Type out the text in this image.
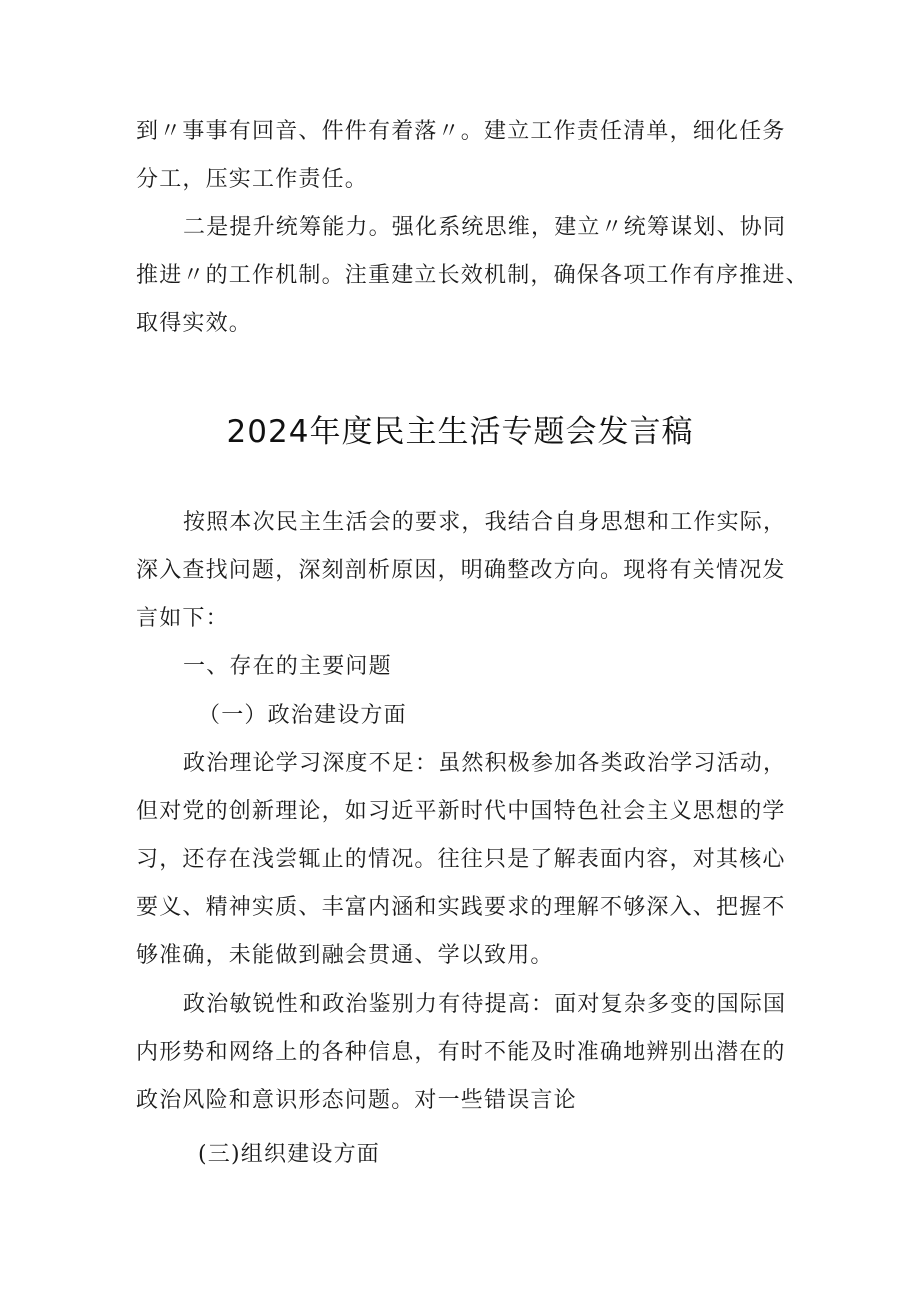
到〃事事有回音、件件有着落〃。建立工作责任清单，细化任务
分工，压实工作责任。
二是提升统筹能力。强化系统思维，建立〃统筹谋划、协同
推进〃的工作机制。注重建立长效机制，确保各项工作有序推进、
取得实效。
2024年度民主生活专题会发言稿
按照本次民主生活会的要求，我结合自身思想和工作实际，
深入查找问题，深刻剖析原因，明确整改方向。现将有关情况发
言如下：
一、存在的主要问题
（一）政治建设方面
政治理论学习深度不足：虽然积极参加各类政治学习活动，
但对党的创新理论，如习近平新时代中国特色社会主义思想的学
习，还存在浅尝辄止的情况。往往只是了解表面内容，对其核心
要义、精神实质、丰富内涵和实践要求的理解不够深入、把握不
够准确，未能做到融会贯通、学以致用。
政治敏锐性和政治鉴别力有待提高：面对复杂多变的国际国
内形势和网络上的各种信息，有时不能及时准确地辨别出潜在的
政治风险和意识形态问题。对一些错误言论
(三)组织建设方面
